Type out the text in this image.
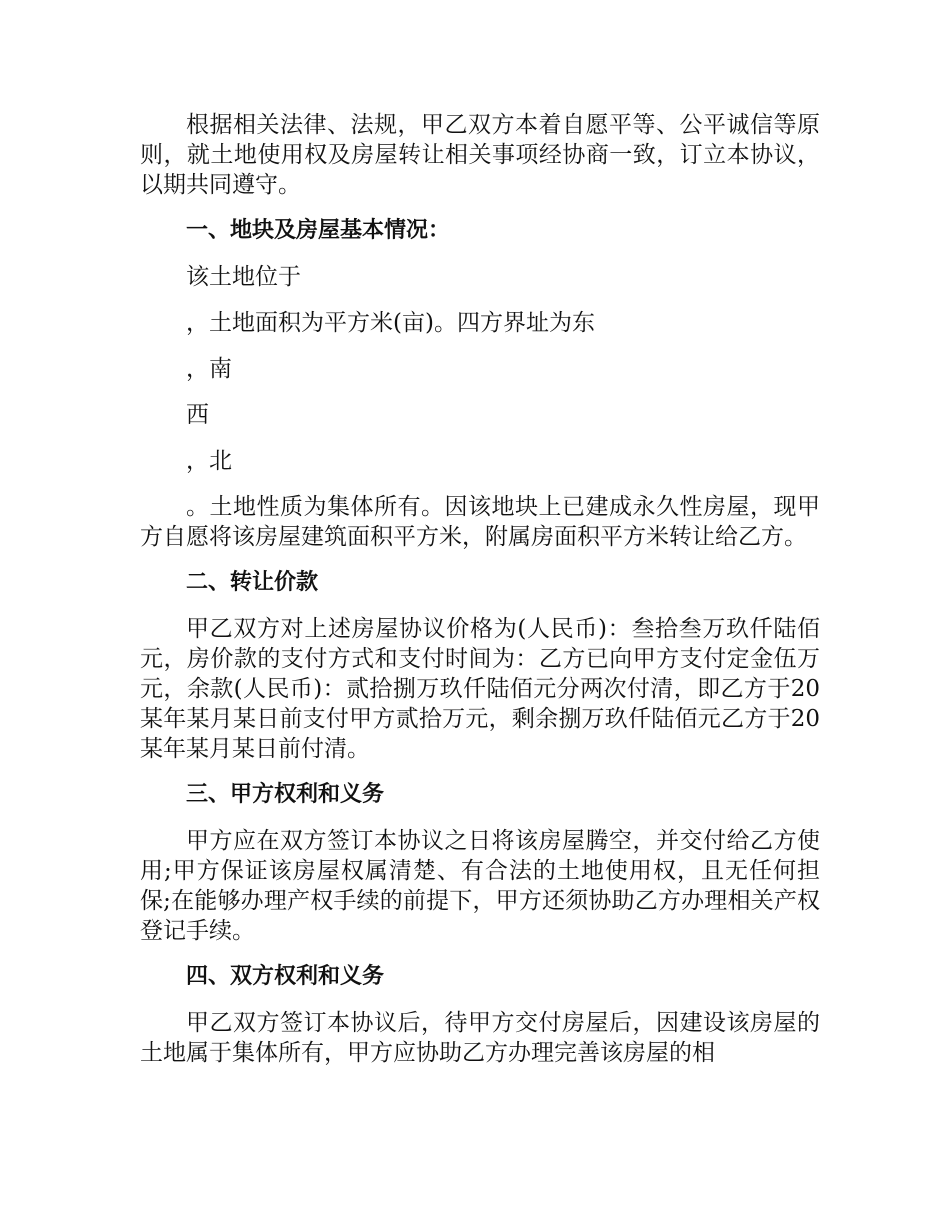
根据相关法律、法规，甲乙双方本着自愿平等、公平诚信等原则，就土地使用权及房屋转让相关事项经协商一致，订立本协议，以期共同遵守。

一、地块及房屋基本情况：

该土地位于

，土地面积为平方米(亩)。四方界址为东

，南

西

，北

。土地性质为集体所有。因该地块上已建成永久性房屋，现甲方自愿将该房屋建筑面积平方米，附属房面积平方米转让给乙方。

二、转让价款

甲乙双方对上述房屋协议价格为(人民币)：叁拾叁万玖仟陆佰元，房价款的支付方式和支付时间为：乙方已向甲方支付定金伍万元，余款(人民币)：贰拾捌万玖仟陆佰元分两次付清，即乙方于20某年某月某日前支付甲方贰拾万元，剩余捌万玖仟陆佰元乙方于20某年某月某日前付清。

三、甲方权利和义务

甲方应在双方签订本协议之日将该房屋腾空，并交付给乙方使用;甲方保证该房屋权属清楚、有合法的土地使用权，且无任何担保;在能够办理产权手续的前提下，甲方还须协助乙方办理相关产权登记手续。

四、双方权利和义务

甲乙双方签订本协议后，待甲方交付房屋后，因建设该房屋的土地属于集体所有，甲方应协助乙方办理完善该房屋的相
